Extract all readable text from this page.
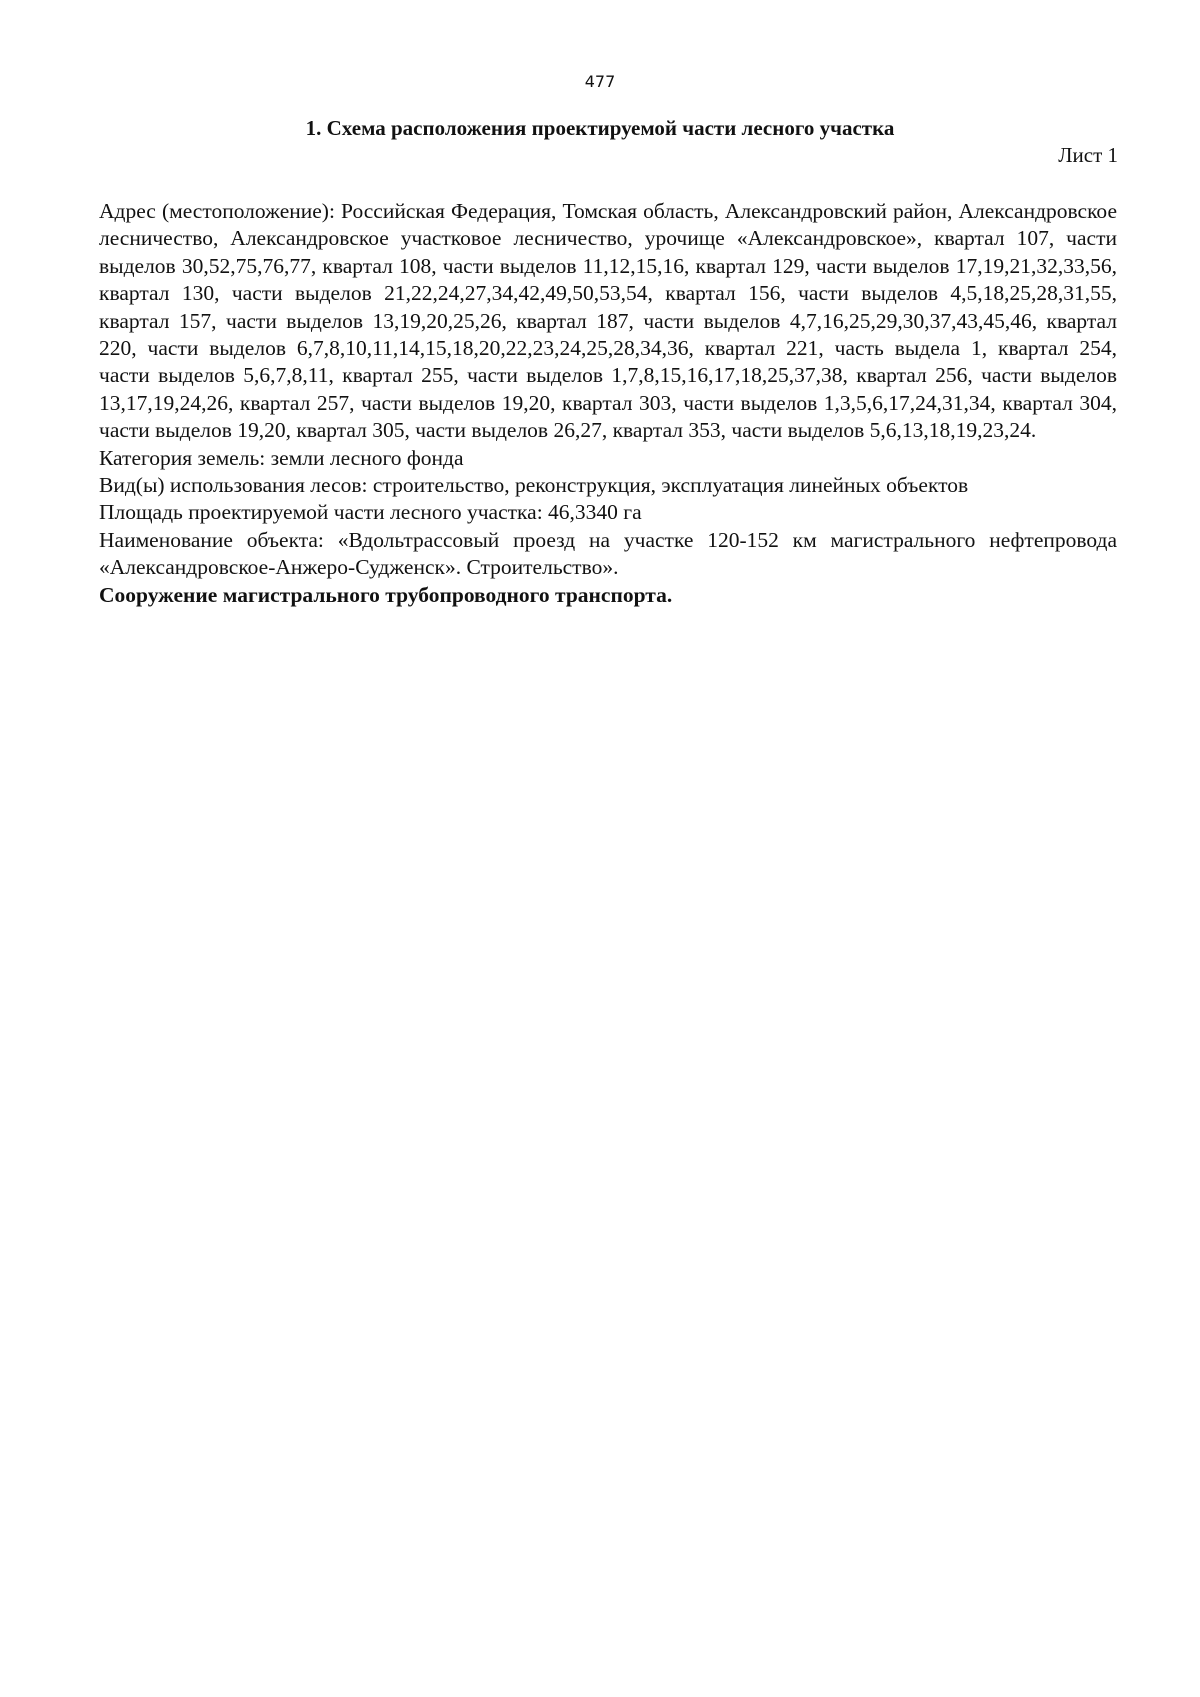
477
1. Схема расположения проектируемой части лесного участка
Лист 1

Адрес (местоположение): Российская Федерация, Томская область, Александровский район, Александровское лесничество, Александровское участковое лесничество, урочище «Александровское», квартал 107, части выделов 30,52,75,76,77, квартал 108, части выделов 11,12,15,16, квартал 129, части выделов 17,19,21,32,33,56, квартал 130, части выделов 21,22,24,27,34,42,49,50,53,54, квартал 156, части выделов 4,5,18,25,28,31,55, квартал 157, части выделов 13,19,20,25,26, квартал 187, части выделов 4,7,16,25,29,30,37,43,45,46, квартал 220, части выделов 6,7,8,10,11,14,15,18,20,22,23,24,25,28,34,36, квартал 221, часть выдела 1, квартал 254, части выделов 5,6,7,8,11, квартал 255, части выделов 1,7,8,15,16,17,18,25,37,38, квартал 256, части выделов 13,17,19,24,26, квартал 257, части выделов 19,20, квартал 303, части выделов 1,3,5,6,17,24,31,34, квартал 304, части выделов 19,20, квартал 305, части выделов 26,27, квартал 353, части выделов 5,6,13,18,19,23,24.

Категория земель: земли лесного фонда

Вид(ы) использования лесов: строительство, реконструкция, эксплуатация линейных объектов

Площадь проектируемой части лесного участка: 46,3340 га

Наименование объекта: «Вдольтрассовый проезд на участке 120-152 км магистрального нефтепровода «Александровское-Анжеро-Судженск». Строительство».

Сооружение магистрального трубопроводного транспорта.
